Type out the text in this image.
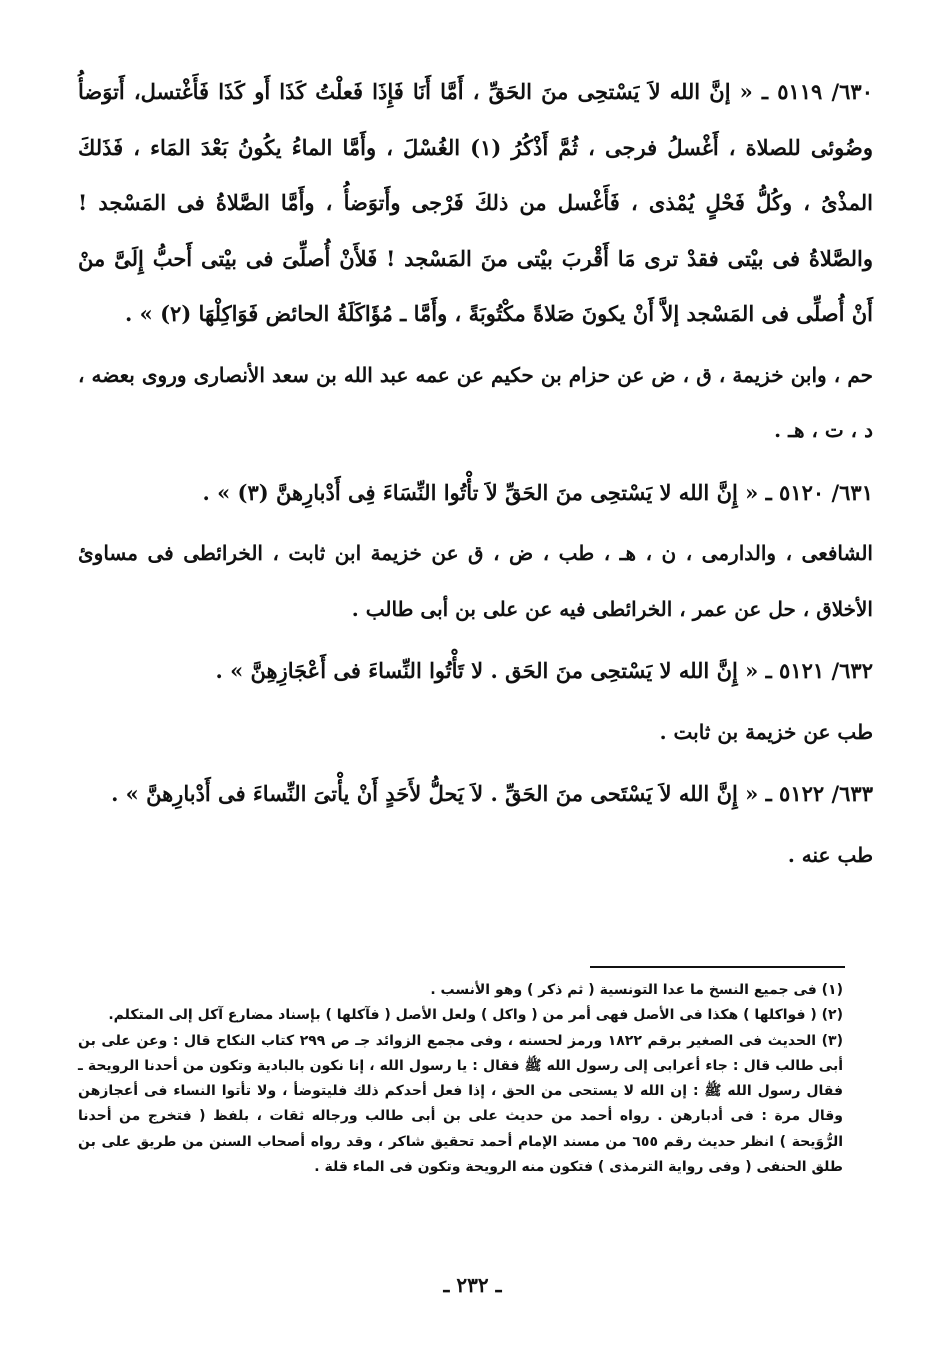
٦٣٠/ ٥١١٩ ـ « إنَّ الله لاَ يَسْتحِى منَ الحَقِّ ، أَمَّا أَنَا فَإِذَا فَعلْتُ كَذَا أَو كَذَا فَأَغْتسل، أَتوَضأُ وضُوئى للصلاة ، أَغْسلُ فرجى ، ثُمَّ أَذْكُرُ (١) الغُسْلَ ، وأَمَّا الماءُ يكُونُ بَعْدَ المَاء ، فَذَلكَ المذْىُ ، وكُلُّ فَحْلٍ يُمْذى ، فَأَغْسل من ذلكَ فَرْجى وأَتوَضأُ ، وأَمَّا الصَّلاةُ فى المَسْجد ! والصَّلاةُ فى بيْتى فقدْ ترى مَا أَقْربَ بيْتى منَ المَسْجد ! فَلأَنْ أُصلِّىَ فى بيْتى أَحبُّ إِلَىَّ منْ أَنْ أُصلِّى فى المَسْجد إلاَّ أَنْ يكونَ صَلاةً مكْتُوبَةً ، وأَمَّا ـ مُؤَاكَلَةُ الحائض فَوَاكِلْهَا (٢) » .

حم ، وابن خزيمة ، ق ، ض عن حزام بن حكيم عن عمه عبد الله بن سعد الأنصارى وروى بعضه ، د ، ت ، هـ .

٦٣١/ ٥١٢٠ ـ « إِنَّ الله لا يَسْتحِى منَ الحَقِّ لاَ تأْتُوا النِّسَاءَ فِى أَدْبارِهنَّ (٣) » .

الشافعى ، والدارمى ، ن ، هـ ، طب ، ض ، ق عن خزيمة ابن ثابت ، الخرائطى فى مساوئ الأخلاق ، حل عن عمر ، الخرائطى فيه عن على بن أبى طالب .

٦٣٢/ ٥١٢١ ـ « إِنَّ الله لا يَسْتحِى منَ الحَق . لا تَأْتُوا النِّساءَ فى أَعْجَازِهِنَّ » .

طب عن خزيمة بن ثابت .

٦٣٣/ ٥١٢٢ ـ « إِنَّ الله لاَ يَسْتَحى منَ الحَقِّ . لاَ يَحلُّ لأَحَدٍ أَنْ يأْتىَ النِّساءَ فى أَدْبارِهنَّ » .

طب عنه .

(١) فى جميع النسخ ما عدا التونسية ( ثم ذكر ) وهو الأنسب .

(٢) ( فواكلها ) هكذا فى الأصل فهى أمر من ( واكل ) ولعل الأصل ( فآكلها ) بإسناد مضارع آكل إلى المتكلم.

(٣) الحديث فى الصغير برقم ١٨٢٢ ورمز لحسنه ، وفى مجمع الزوائد جـ ص ٢٩٩ كتاب النكاح قال : وعن على بن أبى طالب قال : جاء أعرابى إلى رسول الله ﷺ فقال : يا رسول الله ، إنا نكون بالبادية وتكون من أحدنا الرويحة ـ فقال رسول الله ﷺ : إن الله لا يستحى من الحق ، إذا فعل أحدكم ذلك فليتوضأ ، ولا تأتوا النساء فى أعجازهن وقال مرة : فى أدبارهن . رواه أحمد من حديث على بن أبى طالب ورجاله ثقات ، بلفظ ( فتخرج من أحدنا الرُّوَيحة ) انظر حديث رقم ٦٥٥ من مسند الإمام أحمد تحقيق شاكر ، وقد رواه أصحاب السنن من طريق على بن طلق الحنفى ( وفى رواية الترمذى ) فتكون منه الرويحة وتكون فى الماء قلة .

ـ ٢٣٢ ـ
